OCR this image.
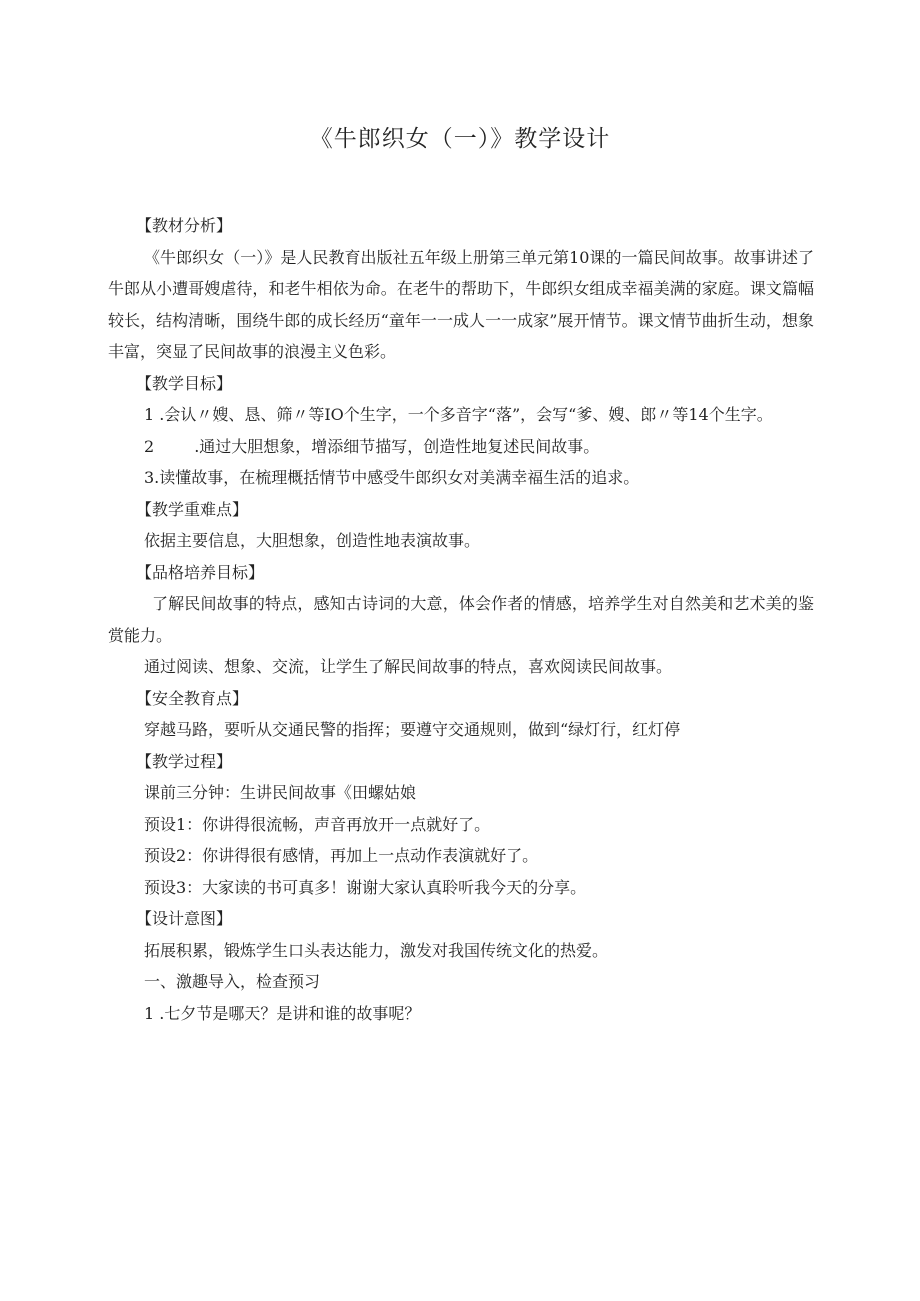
《牛郎织女（一）》教学设计

【教材分析】

《牛郎织女（一）》是人民教育出版社五年级上册第三单元第10课的一篇民间故事。故事讲述了牛郎从小遭哥嫂虐待，和老牛相依为命。在老牛的帮助下，牛郎织女组成幸福美满的家庭。课文篇幅较长，结构清晰，围绕牛郎的成长经历“童年一一成人一一成家”展开情节。课文情节曲折生动，想象丰富，突显了民间故事的浪漫主义色彩。

【教学目标】

1 .会认〃嫂、恳、筛〃等IO个生字，一个多音字“落”，会写“爹、嫂、郎〃等14个生字。

2	.通过大胆想象，增添细节描写，创造性地复述民间故事。

3.读懂故事，在梳理概括情节中感受牛郎织女对美满幸福生活的追求。

【教学重难点】

依据主要信息，大胆想象，创造性地表演故事。

【品格培养目标】

了解民间故事的特点，感知古诗词的大意，体会作者的情感，培养学生对自然美和艺术美的鉴赏能力。

通过阅读、想象、交流，让学生了解民间故事的特点，喜欢阅读民间故事。

【安全教育点】

穿越马路，要听从交通民警的指挥；要遵守交通规则，做到“绿灯行，红灯停

【教学过程】

课前三分钟：生讲民间故事《田螺姑娘

预设1：你讲得很流畅，声音再放开一点就好了。

预设2：你讲得很有感情，再加上一点动作表演就好了。

预设3：大家读的书可真多！谢谢大家认真聆听我今天的分享。

【设计意图】

拓展积累，锻炼学生口头表达能力，激发对我国传统文化的热爱。

一、激趣导入，检查预习

1 .七夕节是哪天？是讲和谁的故事呢？
